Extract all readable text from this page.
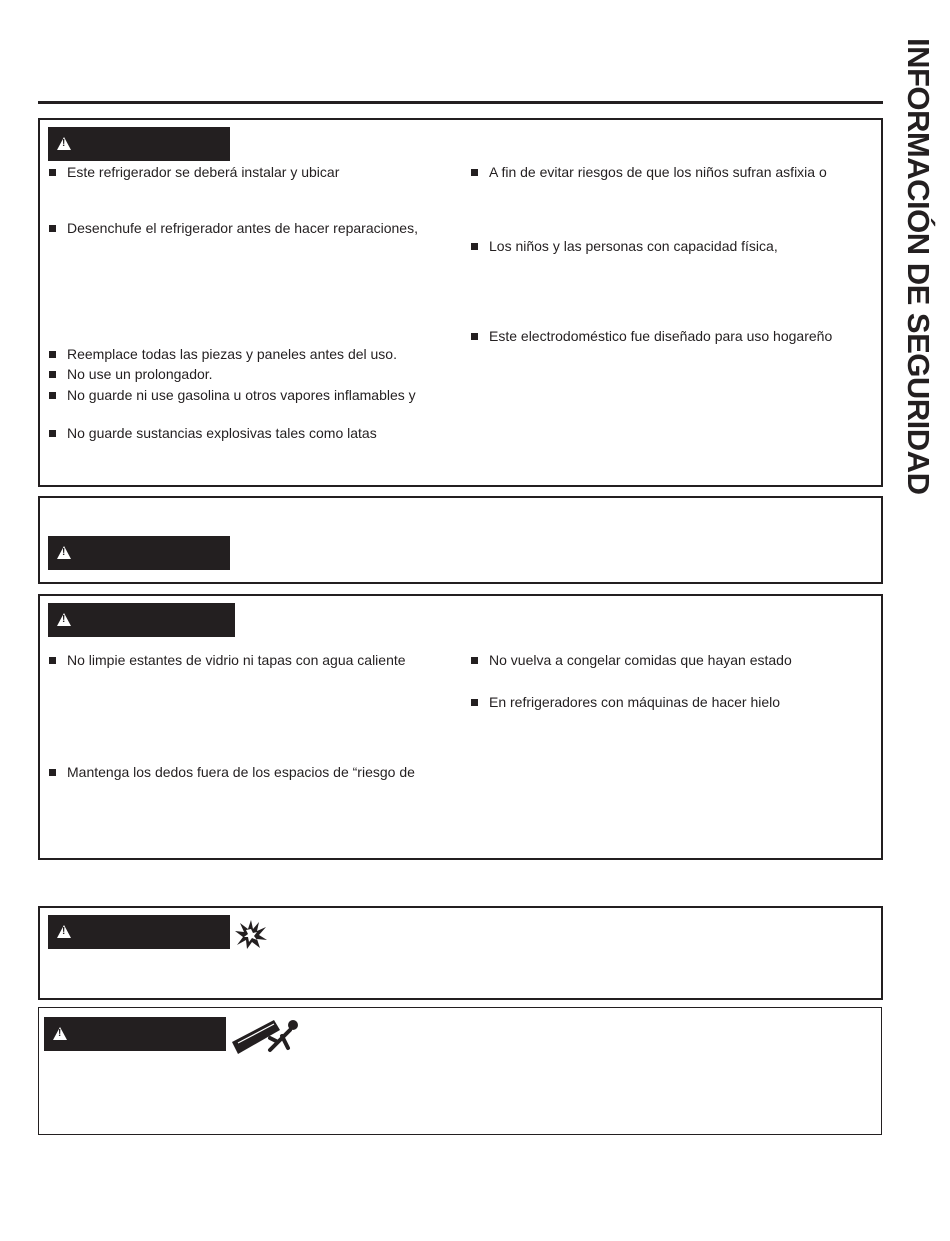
INFORMACIÓN DE SEGURIDAD
!
Este refrigerador se deberá instalar y ubicar
Desenchufe el refrigerador antes de hacer reparaciones,
Reemplace todas las piezas y paneles antes del uso.
No use un prolongador.
No guarde ni use gasolina u otros vapores inflamables y
No guarde sustancias explosivas tales como latas
A fin de evitar riesgos de que los niños sufran asfixia o
Los niños y las personas con capacidad física,
Este electrodoméstico fue diseñado para uso hogareño
!
!
No limpie estantes de vidrio ni tapas con agua caliente
Mantenga los dedos fuera de los espacios de “riesgo de
No vuelva a congelar comidas que hayan estado
En refrigeradores con máquinas de hacer hielo
!
!
